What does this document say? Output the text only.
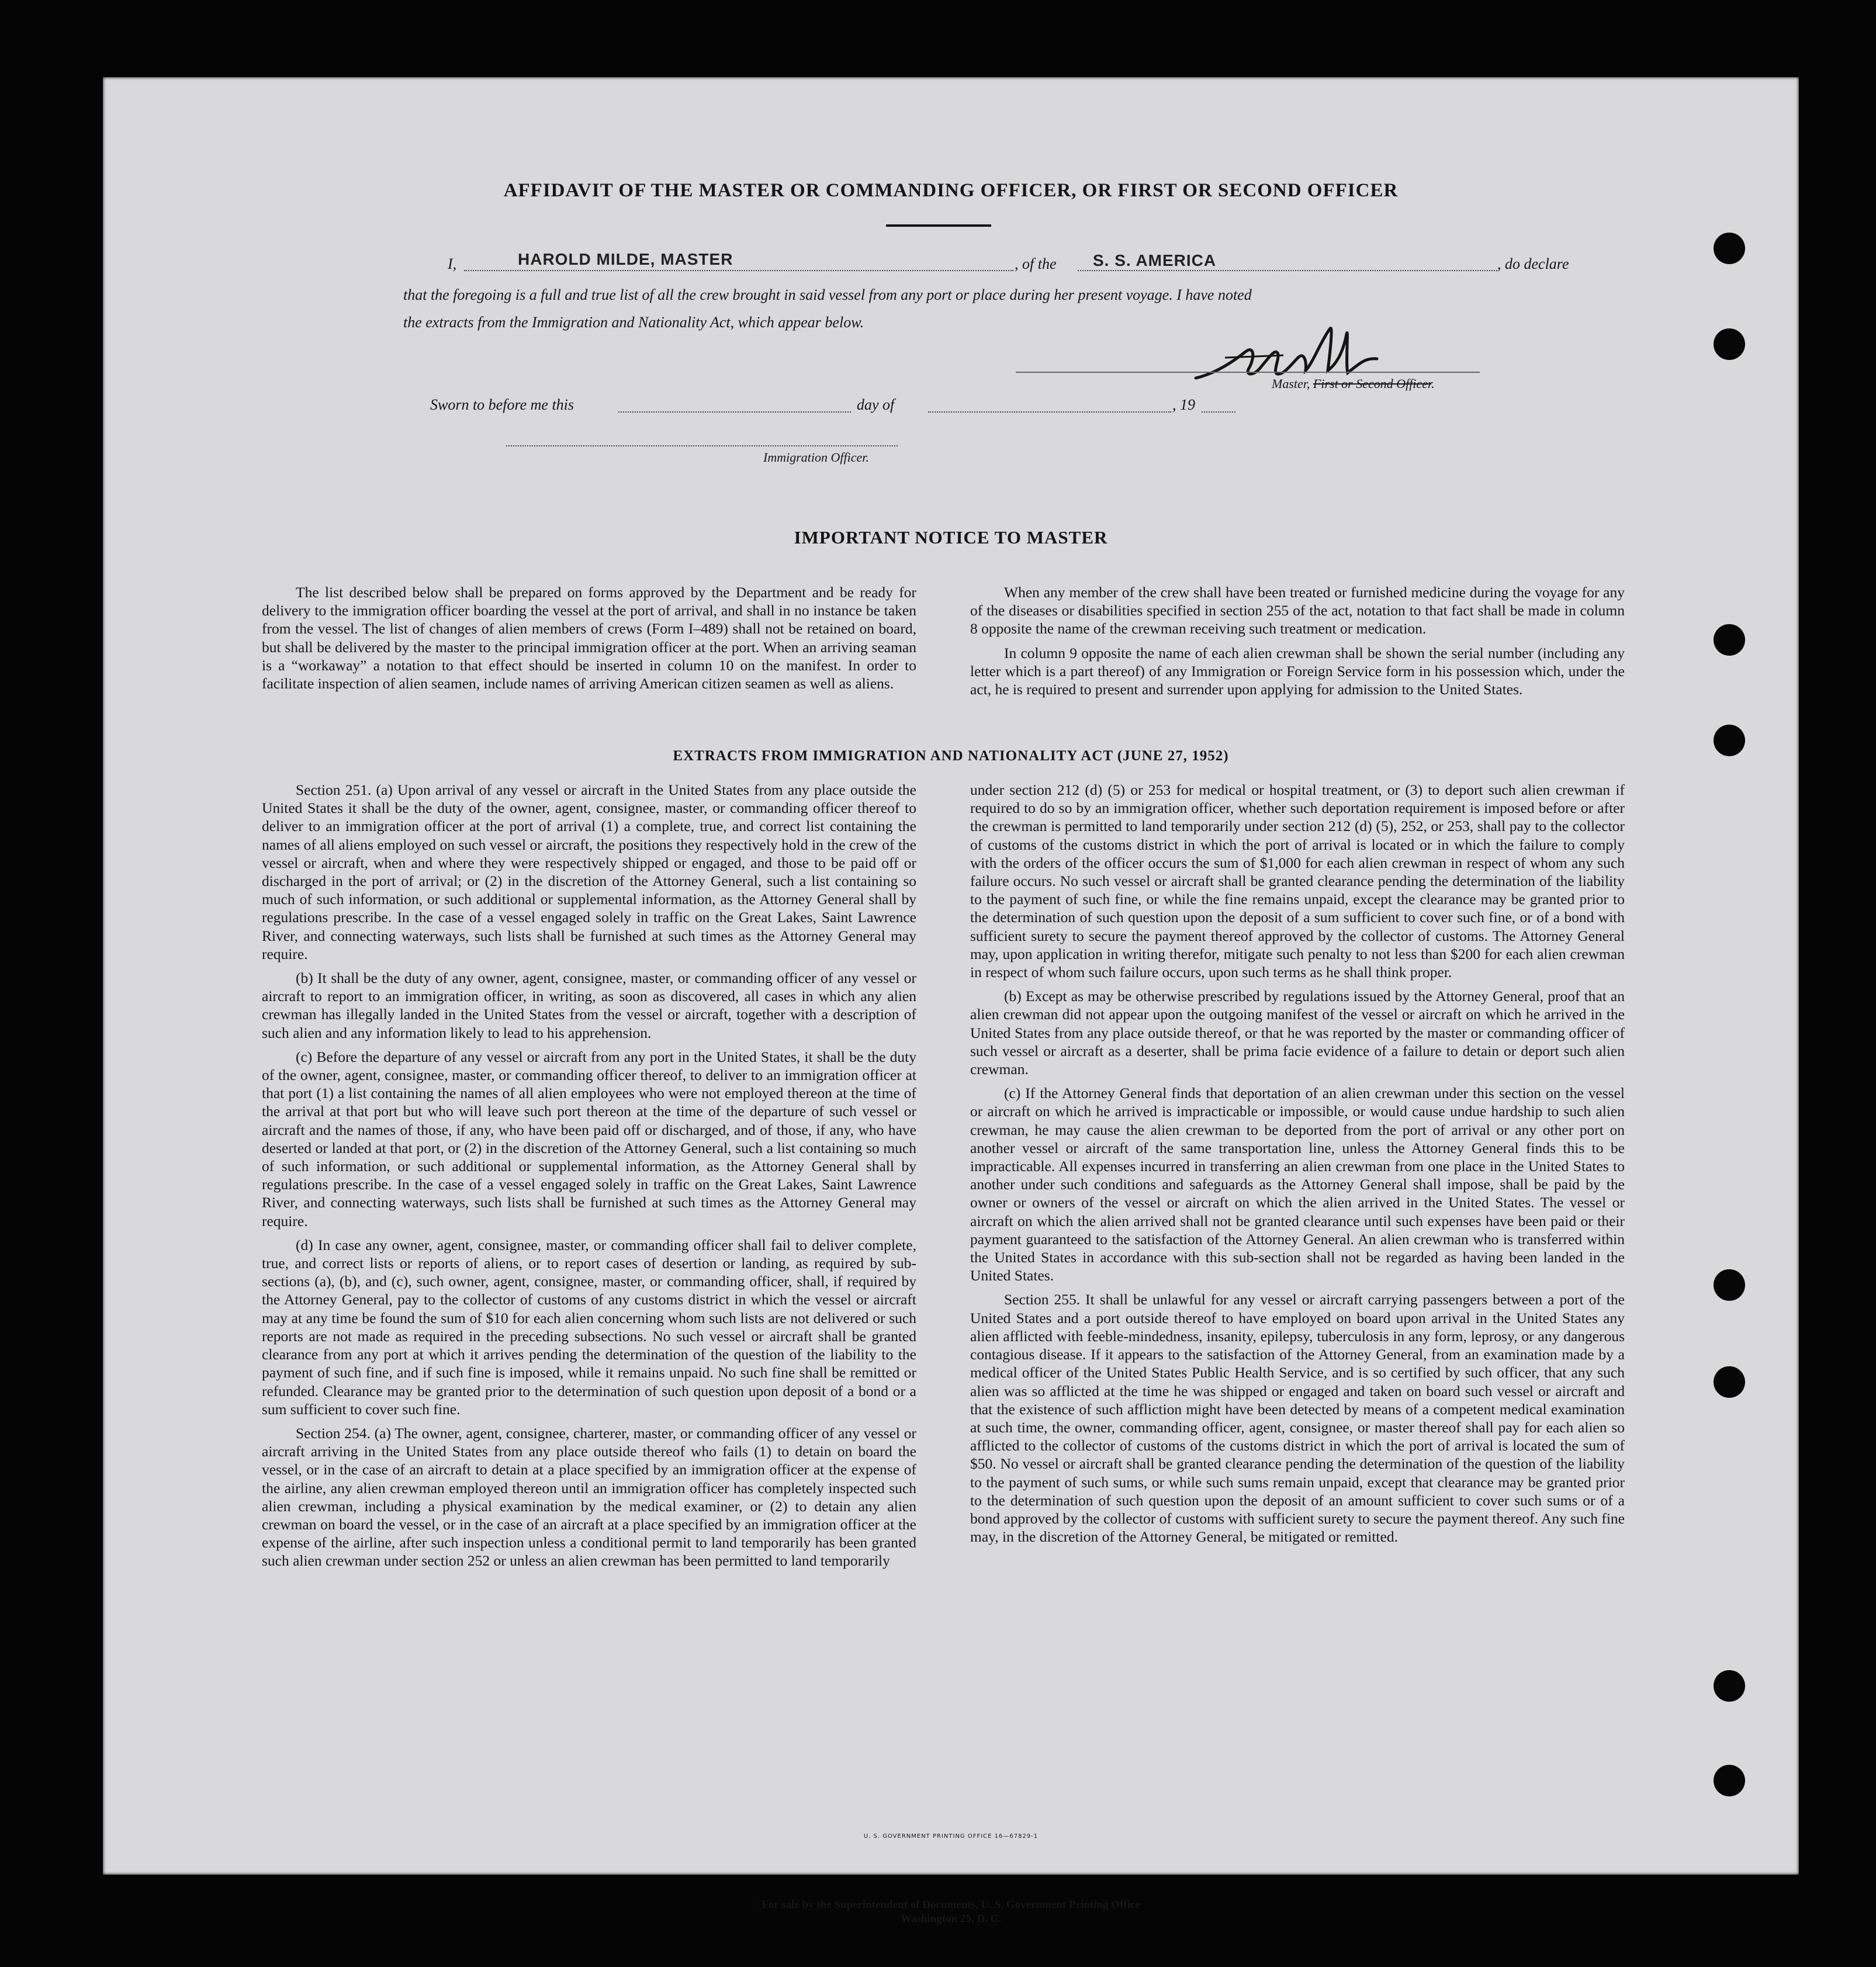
AFFIDAVIT OF THE MASTER OR COMMANDING OFFICER, OR FIRST OR SECOND OFFICER
I,	HAROLD MILDE, MASTER	, of the S. S. AMERICA	, do declare
that the foregoing is a full and true list of all the crew brought in said vessel from any port or place during her present voyage. I have noted
the extracts from the Immigration and Nationality Act, which appear below.
Master, First or Second Officer.
Sworn to before me this	day of	, 19
Immigration Officer.
IMPORTANT NOTICE TO MASTER

The list described below shall be prepared on forms approved by the Department and be ready for delivery to the immigration officer boarding the vessel at the port of arrival, and shall in no instance be taken from the vessel. The list of changes of alien members of crews (Form I–489) shall not be retained on board, but shall be delivered by the master to the principal immigration officer at the port. When an arriving seaman is a “workaway” a notation to that effect should be inserted in column 10 on the manifest. In order to facilitate inspection of alien seamen, include names of arriving American citizen seamen as well as aliens.

When any member of the crew shall have been treated or furnished medicine during the voyage for any of the diseases or disabilities specified in section 255 of the act, notation to that fact shall be made in column 8 opposite the name of the crewman receiving such treatment or medication.

In column 9 opposite the name of each alien crewman shall be shown the serial number (including any letter which is a part thereof) of any Immigration or Foreign Service form in his possession which, under the act, he is required to present and surrender upon applying for admission to the United States.

EXTRACTS FROM IMMIGRATION AND NATIONALITY ACT (JUNE 27, 1952)

Section 251. (a) Upon arrival of any vessel or aircraft in the United States from any place outside the United States it shall be the duty of the owner, agent, consignee, master, or commanding officer thereof to deliver to an immigration officer at the port of arrival (1) a complete, true, and correct list containing the names of all aliens employed on such vessel or aircraft, the positions they respectively hold in the crew of the vessel or aircraft, when and where they were respectively shipped or engaged, and those to be paid off or discharged in the port of arrival; or (2) in the discretion of the Attorney General, such a list containing so much of such information, or such additional or supplemental information, as the Attorney General shall by regulations prescribe. In the case of a vessel engaged solely in traffic on the Great Lakes, Saint Lawrence River, and connecting waterways, such lists shall be furnished at such times as the Attorney General may require.

(b) It shall be the duty of any owner, agent, consignee, master, or commanding officer of any vessel or aircraft to report to an immigration officer, in writing, as soon as discovered, all cases in which any alien crewman has illegally landed in the United States from the vessel or aircraft, together with a description of such alien and any information likely to lead to his apprehension.

(c) Before the departure of any vessel or aircraft from any port in the United States, it shall be the duty of the owner, agent, consignee, master, or commanding officer thereof, to deliver to an immigration officer at that port (1) a list containing the names of all alien employees who were not employed thereon at the time of the arrival at that port but who will leave such port thereon at the time of the departure of such vessel or aircraft and the names of those, if any, who have been paid off or discharged, and of those, if any, who have deserted or landed at that port, or (2) in the discretion of the Attorney General, such a list containing so much of such information, or such additional or supplemental information, as the Attorney General shall by regulations prescribe. In the case of a vessel engaged solely in traffic on the Great Lakes, Saint Lawrence River, and connecting waterways, such lists shall be furnished at such times as the Attorney General may require.

(d) In case any owner, agent, consignee, master, or commanding officer shall fail to deliver complete, true, and correct lists or reports of aliens, or to report cases of desertion or landing, as required by sub-sections (a), (b), and (c), such owner, agent, consignee, master, or commanding officer, shall, if required by the Attorney General, pay to the collector of customs of any customs district in which the vessel or aircraft may at any time be found the sum of $10 for each alien concerning whom such lists are not delivered or such reports are not made as required in the preceding subsections. No such vessel or aircraft shall be granted clearance from any port at which it arrives pending the determination of the question of the liability to the payment of such fine, and if such fine is imposed, while it remains unpaid. No such fine shall be remitted or refunded. Clearance may be granted prior to the determination of such question upon deposit of a bond or a sum sufficient to cover such fine.

Section 254. (a) The owner, agent, consignee, charterer, master, or commanding officer of any vessel or aircraft arriving in the United States from any place outside thereof who fails (1) to detain on board the vessel, or in the case of an aircraft to detain at a place specified by an immigration officer at the expense of the airline, any alien crewman employed thereon until an immigration officer has completely inspected such alien crewman, including a physical examination by the medical examiner, or (2) to detain any alien crewman on board the vessel, or in the case of an aircraft at a place specified by an immigration officer at the expense of the airline, after such inspection unless a conditional permit to land temporarily has been granted such alien crewman under section 252 or unless an alien crewman has been permitted to land temporarily

under section 212 (d) (5) or 253 for medical or hospital treatment, or (3) to deport such alien crewman if required to do so by an immigration officer, whether such deportation requirement is imposed before or after the crewman is permitted to land temporarily under section 212 (d) (5), 252, or 253, shall pay to the collector of customs of the customs district in which the port of arrival is located or in which the failure to comply with the orders of the officer occurs the sum of $1,000 for each alien crewman in respect of whom any such failure occurs. No such vessel or aircraft shall be granted clearance pending the determination of the liability to the payment of such fine, or while the fine remains unpaid, except the clearance may be granted prior to the determination of such question upon the deposit of a sum sufficient to cover such fine, or of a bond with sufficient surety to secure the payment thereof approved by the collector of customs. The Attorney General may, upon application in writing therefor, mitigate such penalty to not less than $200 for each alien crewman in respect of whom such failure occurs, upon such terms as he shall think proper.

(b) Except as may be otherwise prescribed by regulations issued by the Attorney General, proof that an alien crewman did not appear upon the outgoing manifest of the vessel or aircraft on which he arrived in the United States from any place outside thereof, or that he was reported by the master or commanding officer of such vessel or aircraft as a deserter, shall be prima facie evidence of a failure to detain or deport such alien crewman.

(c) If the Attorney General finds that deportation of an alien crewman under this section on the vessel or aircraft on which he arrived is impracticable or impossible, or would cause undue hardship to such alien crewman, he may cause the alien crewman to be deported from the port of arrival or any other port on another vessel or aircraft of the same transportation line, unless the Attorney General finds this to be impracticable. All expenses incurred in transferring an alien crewman from one place in the United States to another under such conditions and safeguards as the Attorney General shall impose, shall be paid by the owner or owners of the vessel or aircraft on which the alien arrived in the United States. The vessel or aircraft on which the alien arrived shall not be granted clearance until such expenses have been paid or their payment guaranteed to the satisfaction of the Attorney General. An alien crewman who is transferred within the United States in accordance with this sub-section shall not be regarded as having been landed in the United States.

Section 255. It shall be unlawful for any vessel or aircraft carrying passengers between a port of the United States and a port outside thereof to have employed on board upon arrival in the United States any alien afflicted with feeble-mindedness, insanity, epilepsy, tuberculosis in any form, leprosy, or any dangerous contagious disease. If it appears to the satisfaction of the Attorney General, from an examination made by a medical officer of the United States Public Health Service, and is so certified by such officer, that any such alien was so afflicted at the time he was shipped or engaged and taken on board such vessel or aircraft and that the existence of such affliction might have been detected by means of a competent medical examination at such time, the owner, commanding officer, agent, consignee, or master thereof shall pay for each alien so afflicted to the collector of customs of the customs district in which the port of arrival is located the sum of $50. No vessel or aircraft shall be granted clearance pending the determination of the question of the liability to the payment of such sums, or while such sums remain unpaid, except that clearance may be granted prior to the determination of such question upon the deposit of an amount sufficient to cover such sums or of a bond approved by the collector of customs with sufficient surety to secure the payment thereof. Any such fine may, in the discretion of the Attorney General, be mitigated or remitted.

U. S. GOVERNMENT PRINTING OFFICE 16—67829-1
For sale by the Superintendent of Documents, U. S. Government Printing Office
Washington 25, D. C.
